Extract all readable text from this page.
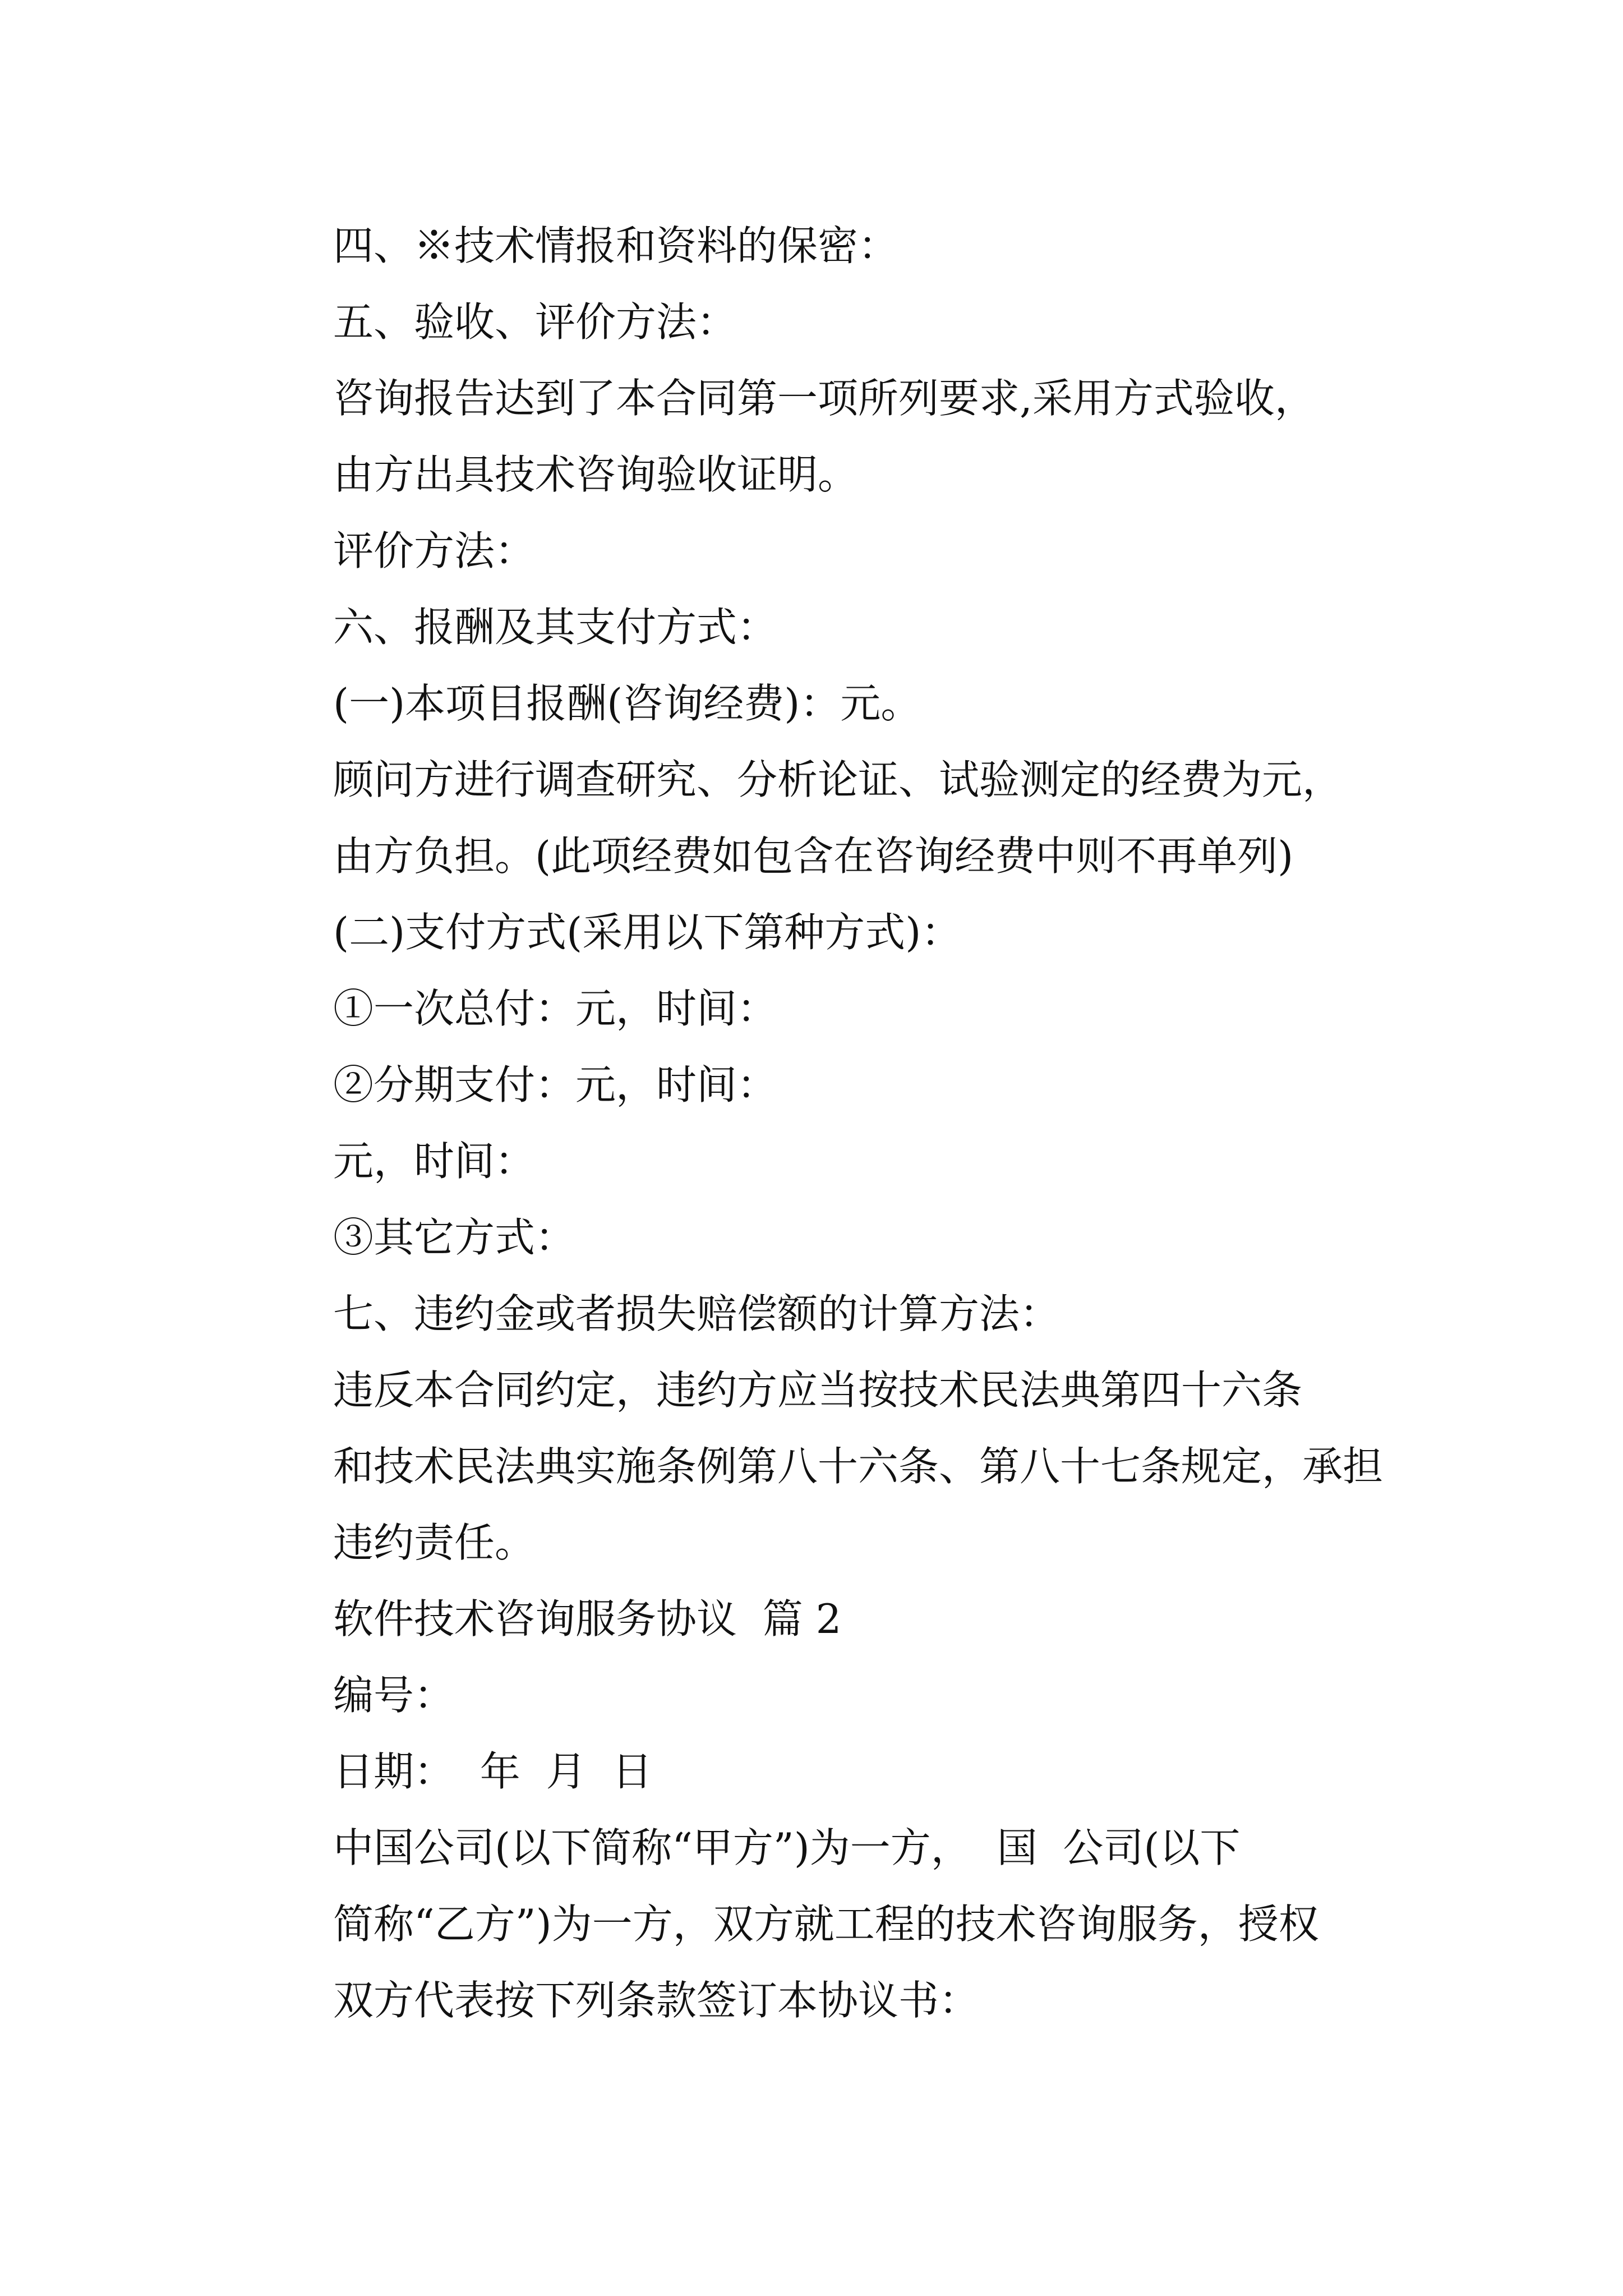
四、※技术情报和资料的保密：

五、验收、评价方法：

咨询报告达到了本合同第一项所列要求,采用方式验收，
由方出具技术咨询验收证明。

评价方法：

六、报酬及其支付方式：

(一)本项目报酬(咨询经费)：元。

顾问方进行调查研究、分析论证、试验测定的经费为元，
由方负担。(此项经费如包含在咨询经费中则不再单列)

(二)支付方式(采用以下第种方式)：

①一次总付：元，时间：

②分期支付：元，时间：

元，时间：

③其它方式：

七、违约金或者损失赔偿额的计算方法：

违反本合同约定，违约方应当按技术民法典第四十六条
和技术民法典实施条例第八十六条、第八十七条规定，承担
违约责任。

软件技术咨询服务协议  篇 2

编号：

日期：  年  月  日

中国公司(以下简称“甲方”)为一方，  国  公司(以下
简称“乙方”)为一方，双方就工程的技术咨询服务，授权
双方代表按下列条款签订本协议书：
